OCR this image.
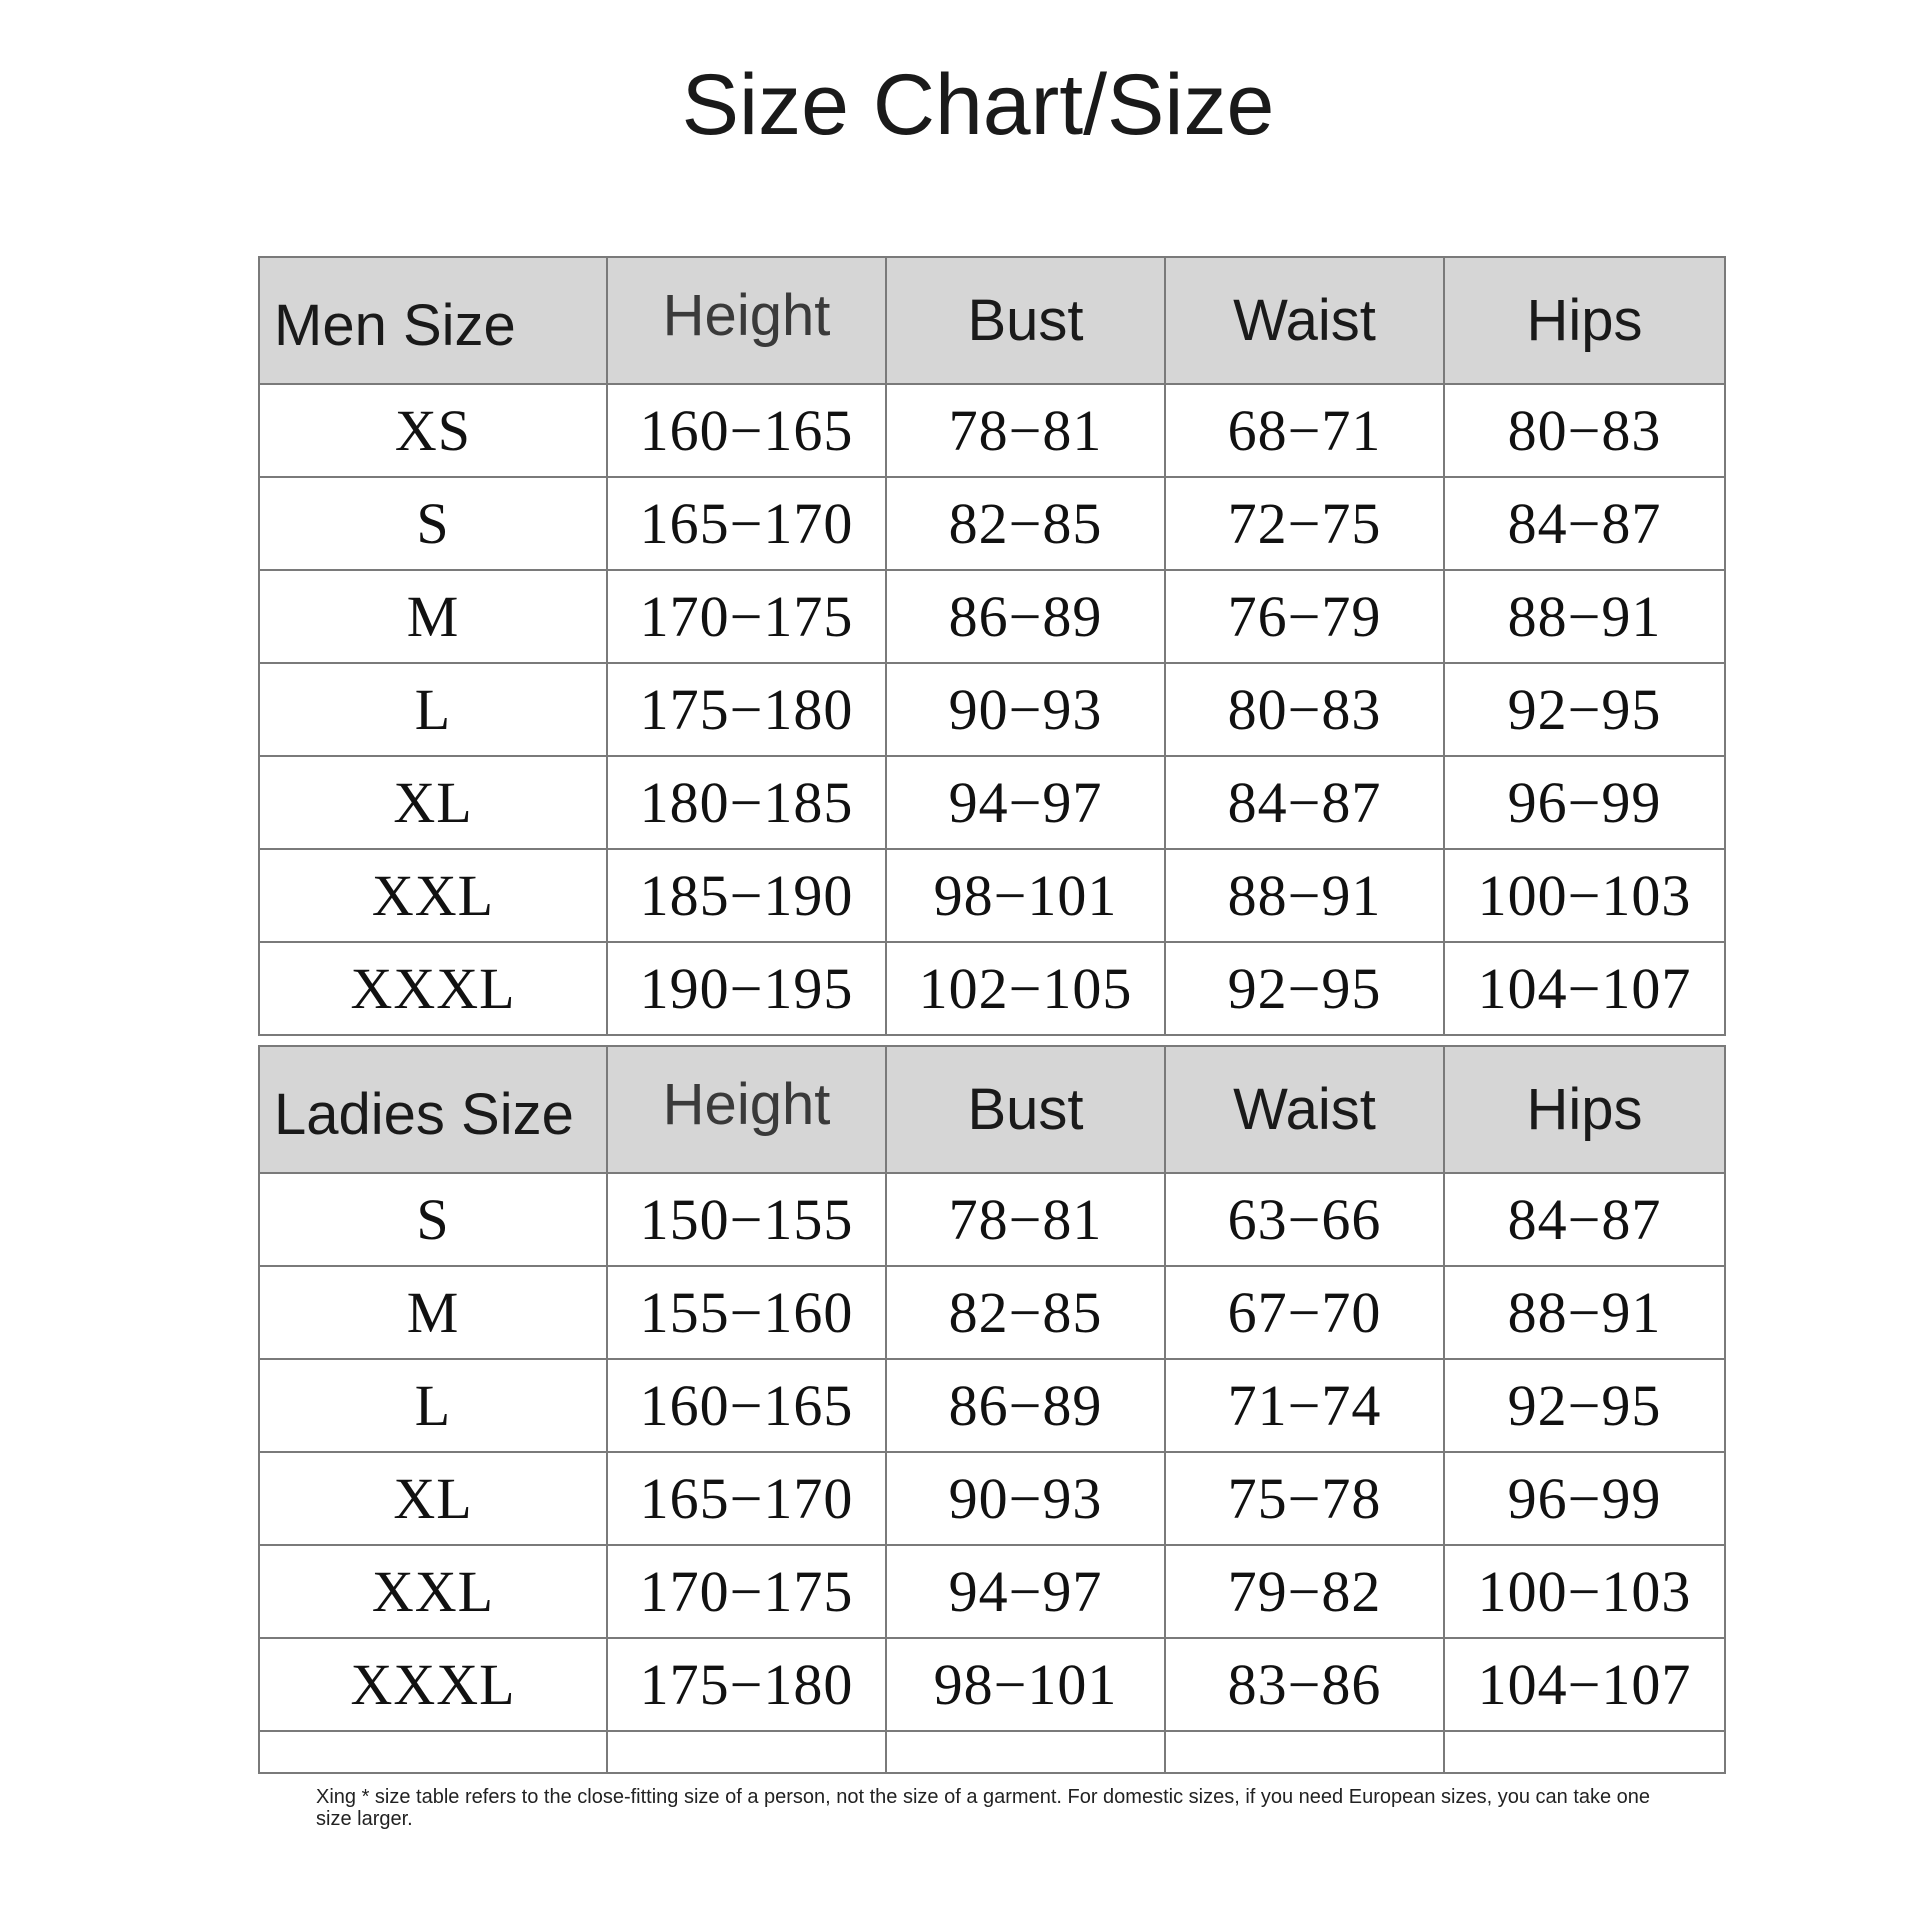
Size Chart/Size
Men Size	Height	Bust	Waist	Hips
XS	160−165	78−81	68−71	80−83
S	165−170	82−85	72−75	84−87
M	170−175	86−89	76−79	88−91
L	175−180	90−93	80−83	92−95
XL	180−185	94−97	84−87	96−99
XXL	185−190	98−101	88−91	100−103
XXXL	190−195	102−105	92−95	104−107
Ladies Size	Height	Bust	Waist	Hips
S	150−155	78−81	63−66	84−87
M	155−160	82−85	67−70	88−91
L	160−165	86−89	71−74	92−95
XL	165−170	90−93	75−78	96−99
XXL	170−175	94−97	79−82	100−103
XXXL	175−180	98−101	83−86	104−107

Xing * size table refers to the close-fitting size of a person, not the size of a garment. For domestic sizes, if you need European sizes, you can take one size larger.
